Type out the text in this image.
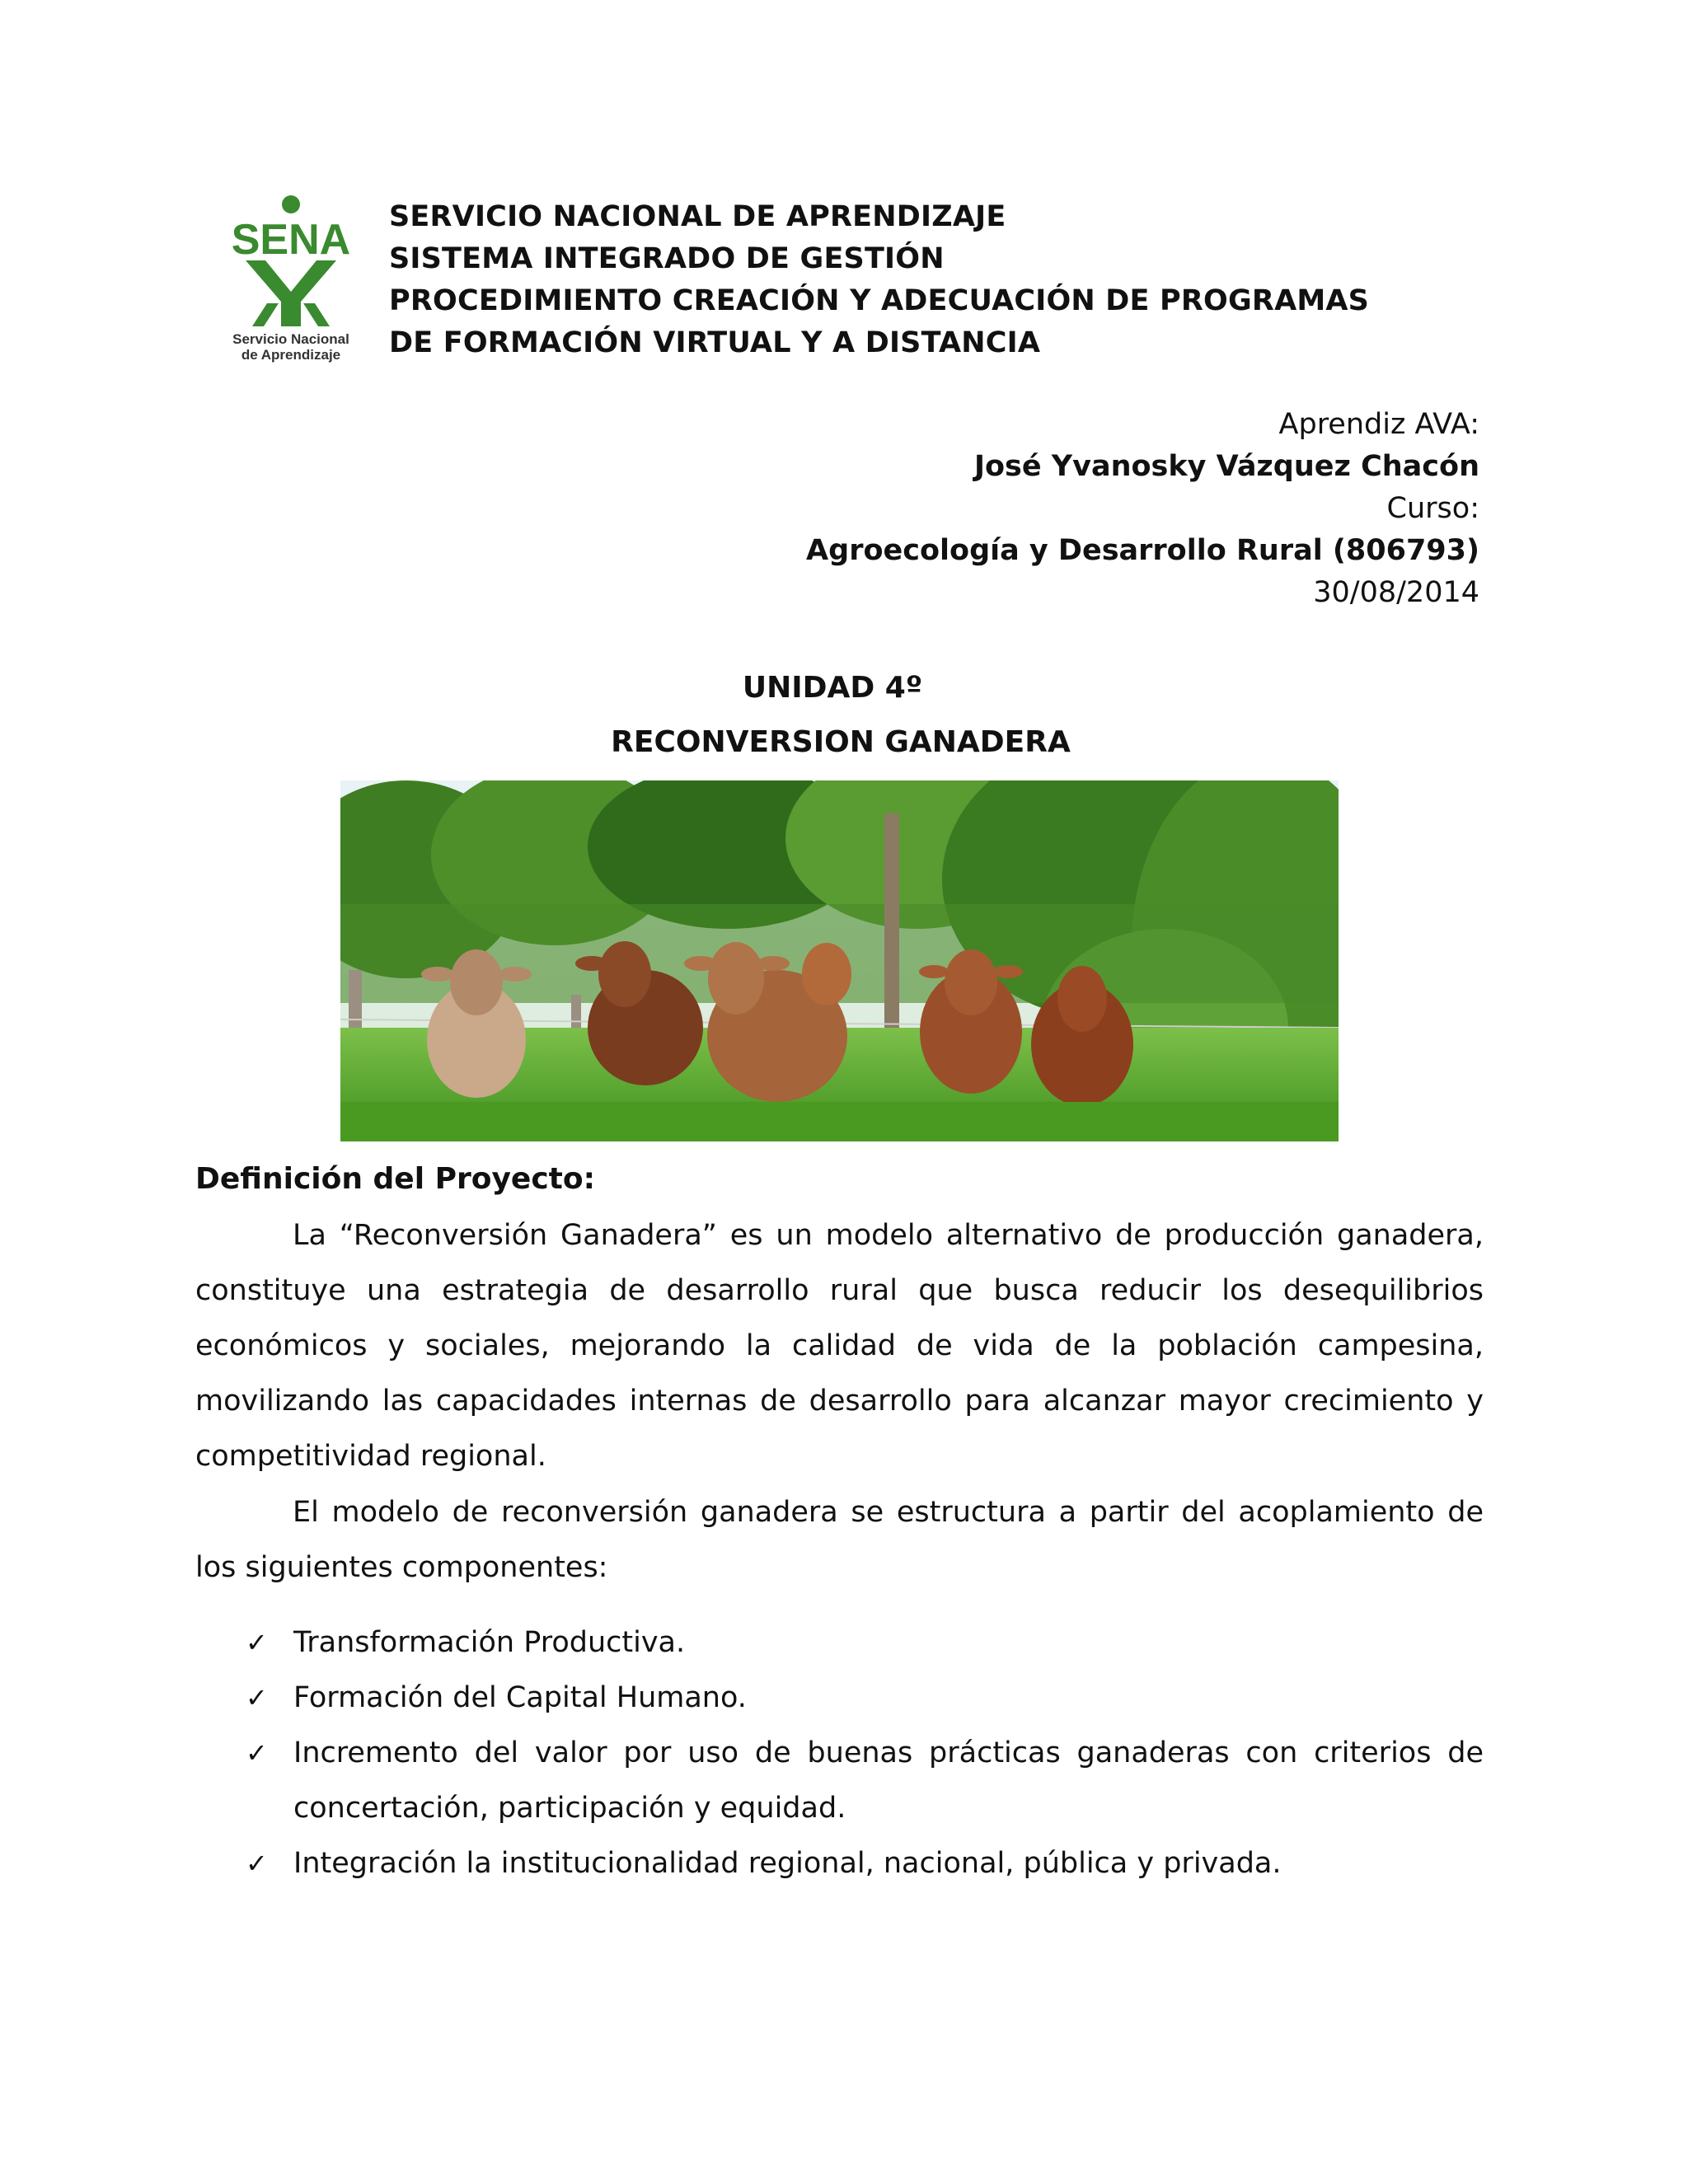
SENA
Servicio Nacional
de Aprendizaje
SERVICIO NACIONAL DE APRENDIZAJE
SISTEMA INTEGRADO DE GESTIÓN
PROCEDIMIENTO CREACIÓN Y ADECUACIÓN DE PROGRAMAS
DE FORMACIÓN VIRTUAL Y A DISTANCIA
Aprendiz AVA:
José Yvanosky Vázquez Chacón
Curso:
Agroecología y Desarrollo Rural (806793)
30/08/2014
UNIDAD 4º
RECONVERSION GANADERA
Definición del Proyecto:
La “Reconversión Ganadera” es un modelo alternativo de producción ganadera, constituye una estrategia de desarrollo rural que busca reducir los desequilibrios económicos y sociales, mejorando la calidad de vida de la población campesina, movilizando las capacidades internas de desarrollo para alcanzar mayor crecimiento y competitividad regional.
El modelo de reconversión ganadera se estructura a partir del acoplamiento de los siguientes componentes:
✓ Transformación Productiva.
✓ Formación del Capital Humano.
✓ Incremento del valor por uso de buenas prácticas ganaderas con criterios de concertación, participación y equidad.
✓ Integración la institucionalidad regional, nacional, pública y privada.
